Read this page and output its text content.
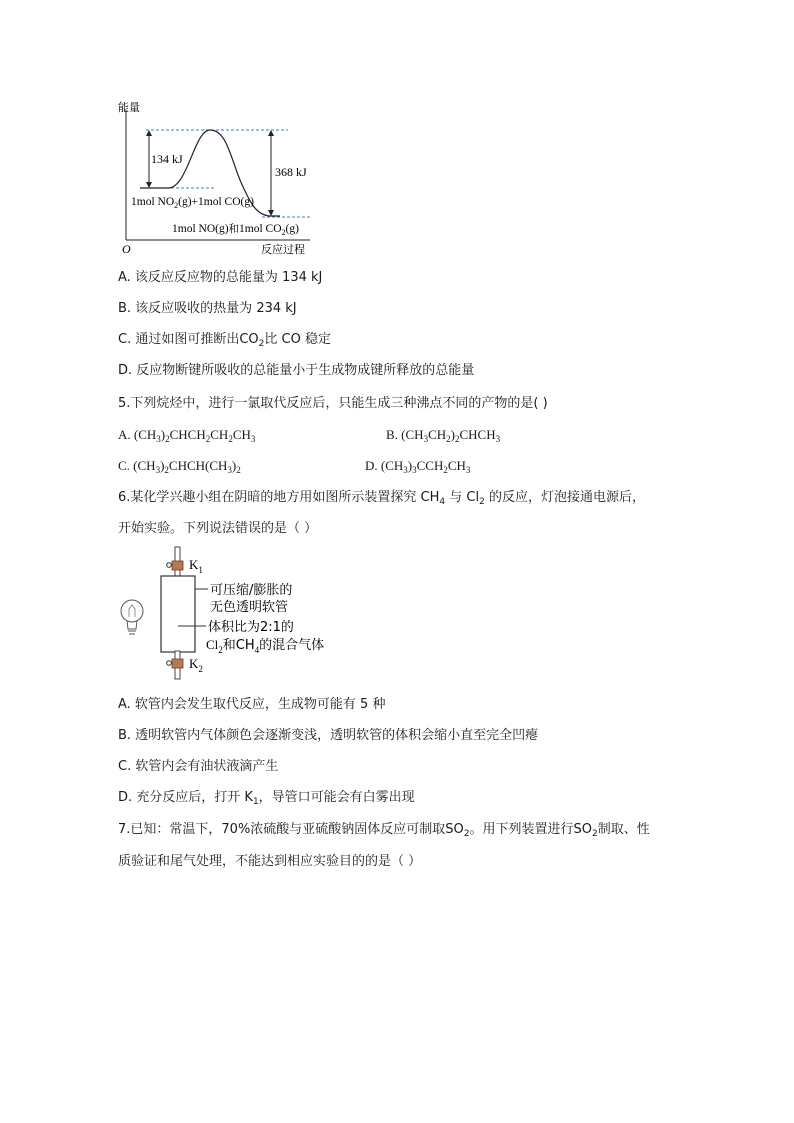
能量
O	反应过程
134 kJ
368 kJ
1mol $NO_2(g)+1mol$ CO(g)
1mol NO(g)和1mol $CO_2(g)$
A. 该反应反应物的总能量为 134 kJ
B. 该反应吸收的热量为 234 kJ
C. 通过如图可推断出$CO_2$比 CO 稳定
D. 反应物断键所吸收的总能量小于生成物成键所释放的总能量
5.下列烷烃中，进行一氯取代反应后，只能生成三种沸点不同的产物的是( )
A. $(CH_3)_2CHCH_2CH_2CH_3$	B. $(CH_3CH_2)_2CHCH_3$
C. $(CH_3)_2CHCH(CH_3)_2$	D. $(CH_3)_3CCH_2CH_3$
6.某化学兴趣小组在阴暗的地方用如图所示装置探究 $CH_4$ 与 $Cl_2$ 的反应，灯泡接通电源后，
开始实验。下列说法错误的是（ ）
$K_1$
$K_2$
可压缩/膨胀的
无色透明软管
体积比为2:1的
$Cl_2$和$CH_4$的混合气体
A. 软管内会发生取代反应，生成物可能有 5 种
B. 透明软管内气体颜色会逐渐变浅，透明软管的体积会缩小直至完全凹瘪
C. 软管内会有油状液滴产生
D. 充分反应后，打开 $K_1$，导管口可能会有白雾出现
7.已知：常温下，70%浓硫酸与亚硫酸钠固体反应可制取$SO_2$。用下列装置进行$SO_2$制取、性
质验证和尾气处理，不能达到相应实验目的的是（ ）
